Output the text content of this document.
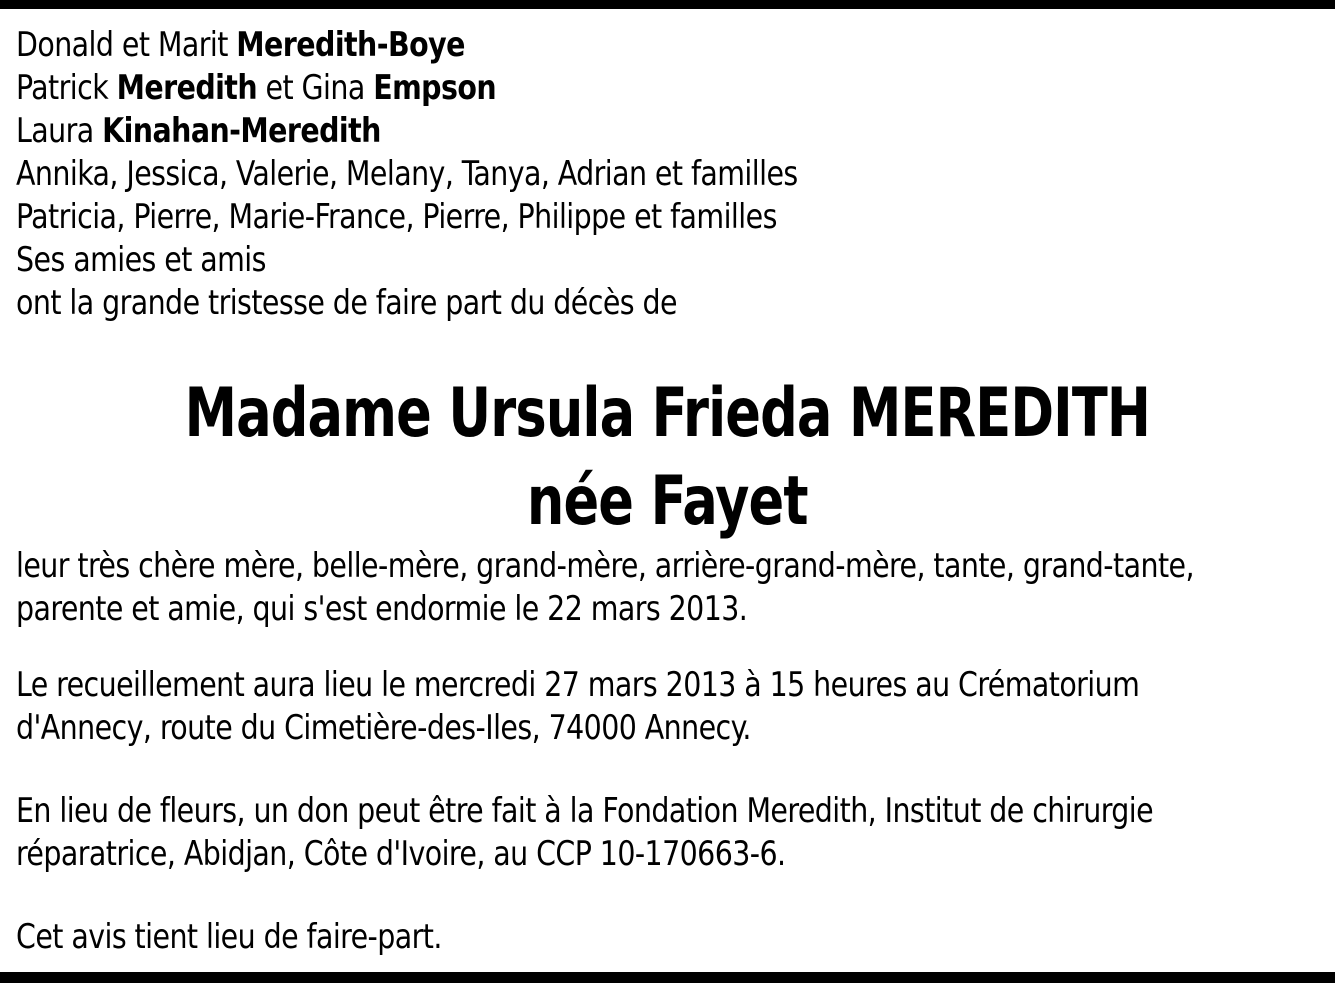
Donald et Marit Meredith-Boye
Patrick Meredith et Gina Empson
Laura Kinahan-Meredith
Annika, Jessica, Valerie, Melany, Tanya, Adrian et familles
Patricia, Pierre, Marie-France, Pierre, Philippe et familles
Ses amies et amis
ont la grande tristesse de faire part du décès de
Madame Ursula Frieda MEREDITH
née Fayet
leur très chère mère, belle-mère, grand-mère, arrière-grand-mère, tante, grand-tante,
parente et amie, qui s'est endormie le 22 mars 2013.
Le recueillement aura lieu le mercredi 27 mars 2013 à 15 heures au Crématorium
d'Annecy, route du Cimetière-des-Iles, 74000 Annecy.
En lieu de fleurs, un don peut être fait à la Fondation Meredith, Institut de chirurgie
réparatrice, Abidjan, Côte d'Ivoire, au CCP 10-170663-6.
Cet avis tient lieu de faire-part.
